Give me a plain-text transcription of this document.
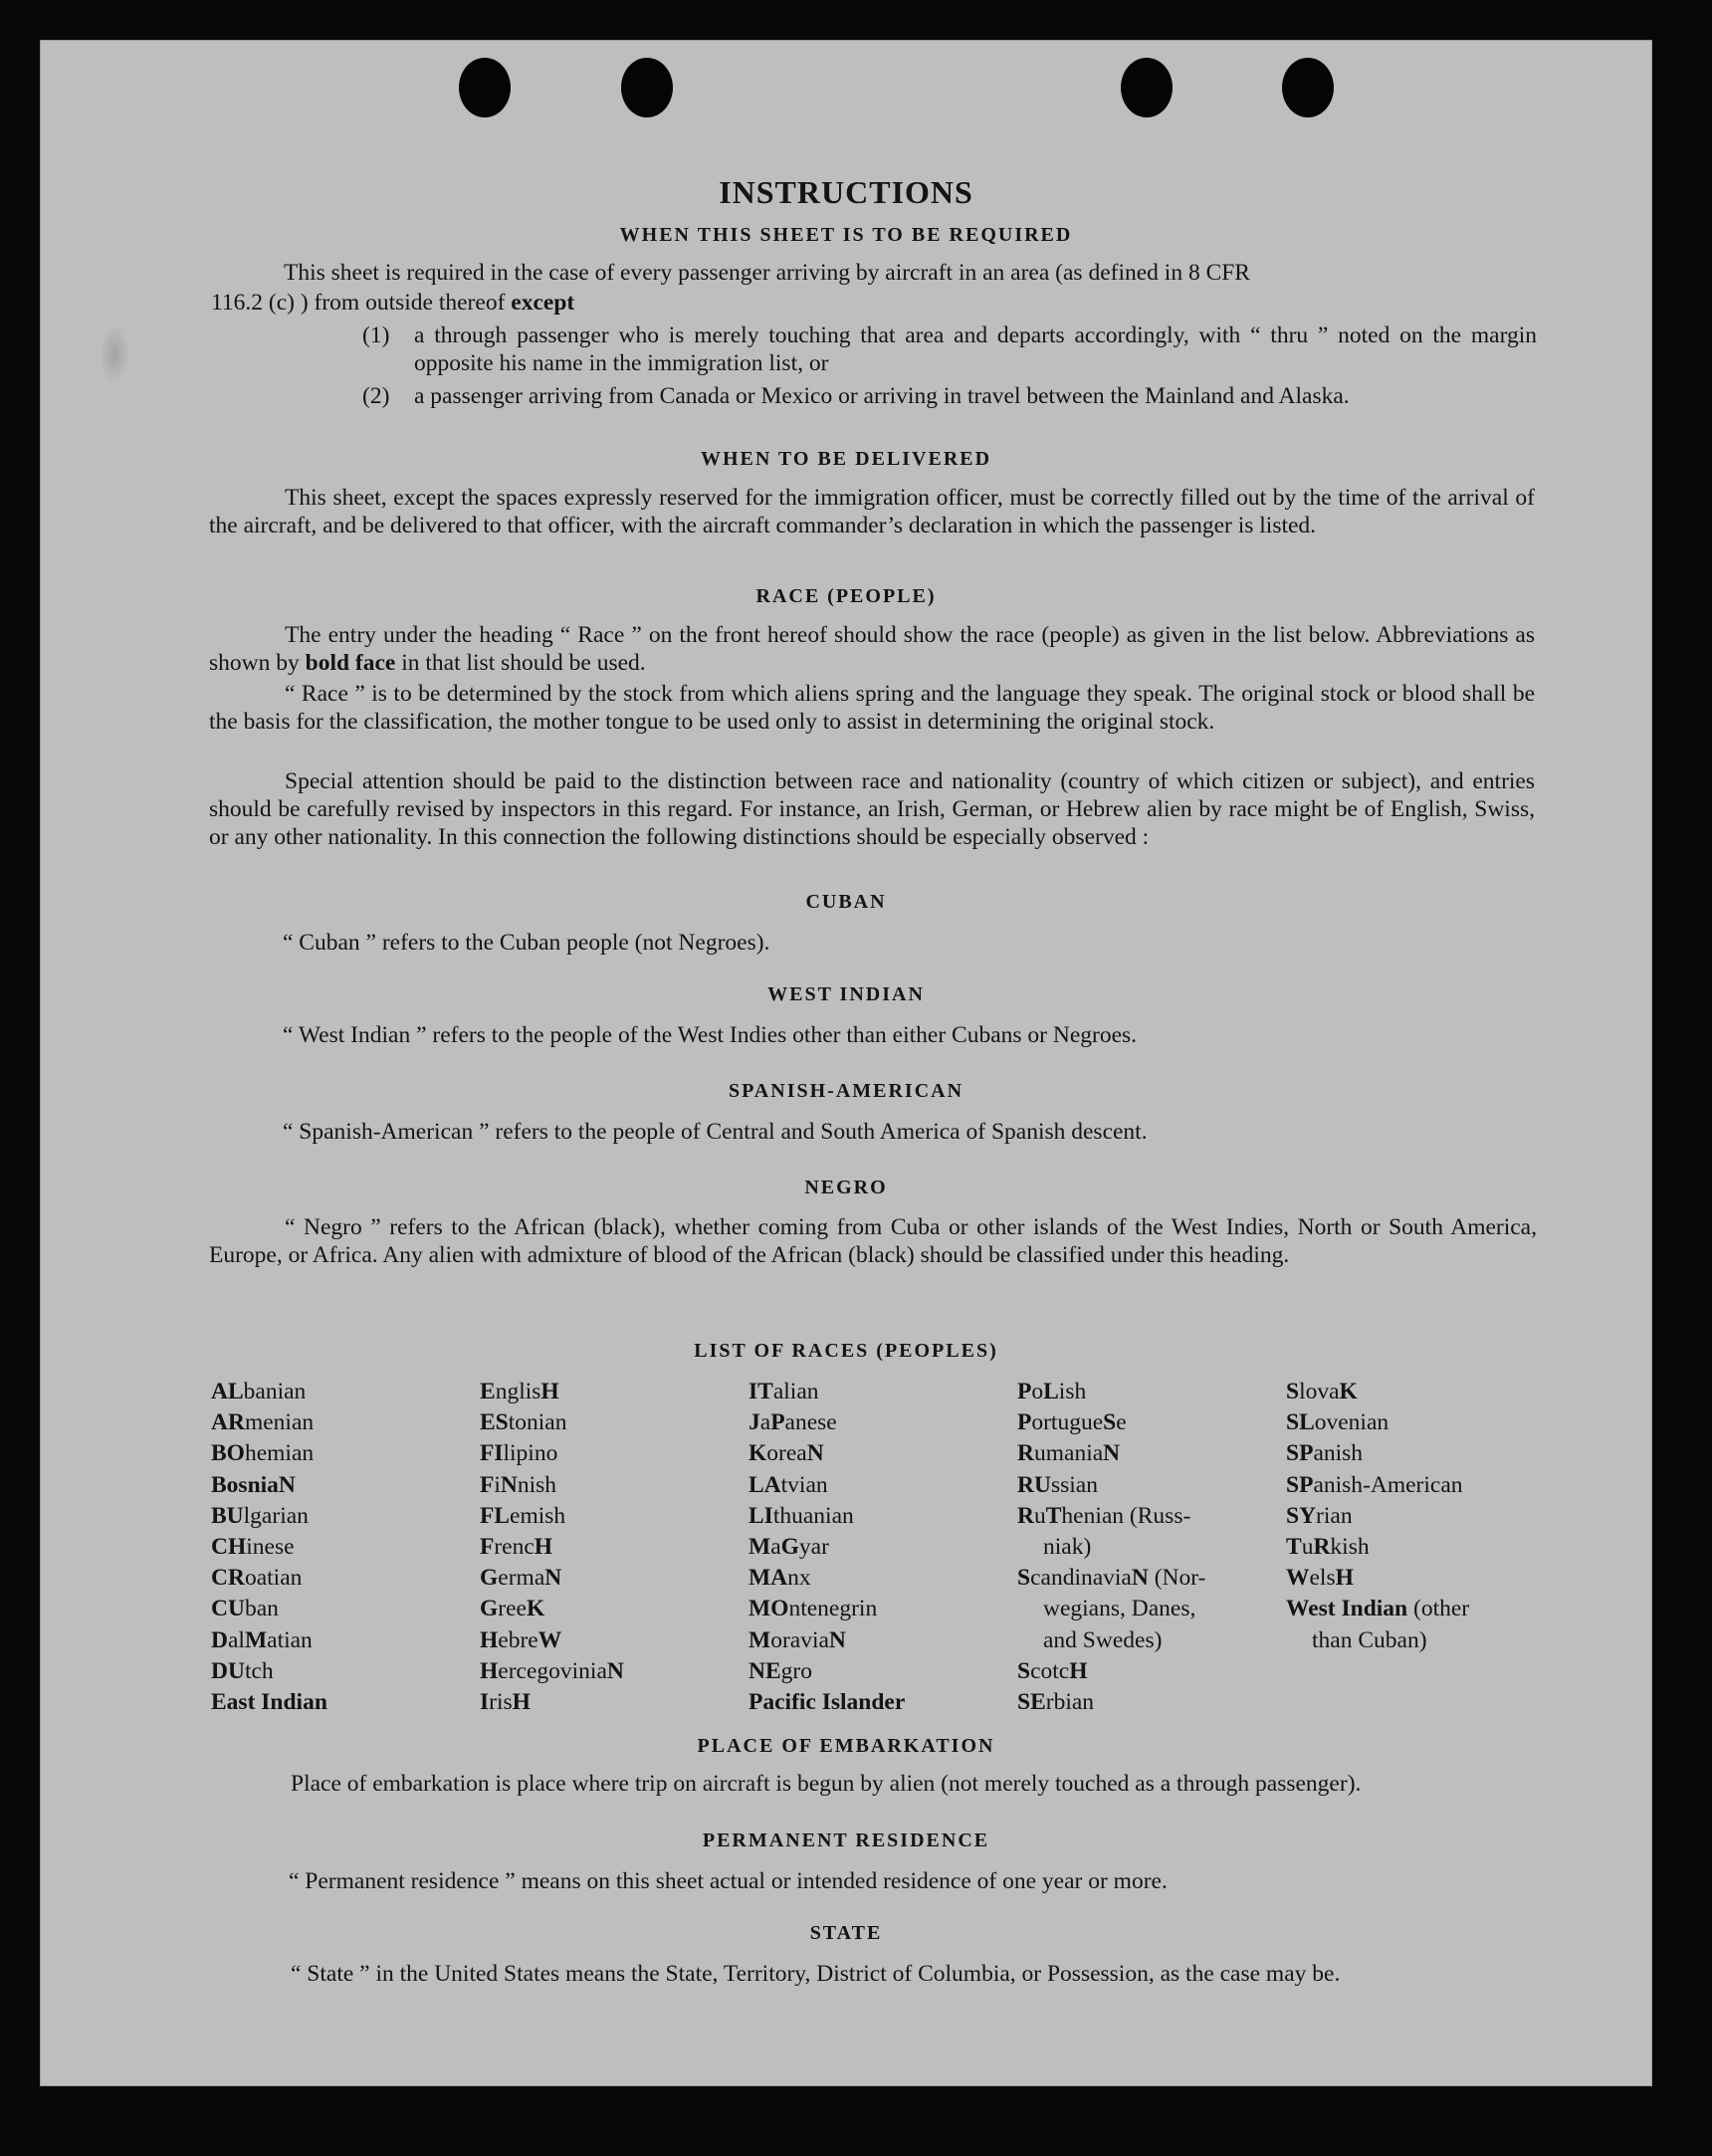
INSTRUCTIONS
WHEN THIS SHEET IS TO BE REQUIRED
This sheet is required in the case of every passenger arriving by aircraft in an area (as defined in 8 CFR
116.2 (c) ) from outside thereof except
(1) a through passenger who is merely touching that area and departs accordingly, with “ thru ” noted on the margin opposite his name in the immigration list, or
(2) a passenger arriving from Canada or Mexico or arriving in travel between the Mainland and Alaska.
WHEN TO BE DELIVERED
This sheet, except the spaces expressly reserved for the immigration officer, must be correctly filled out by the time of the arrival of the aircraft, and be delivered to that officer, with the aircraft commander’s declaration in which the passenger is listed.
RACE (PEOPLE)
The entry under the heading “ Race ” on the front hereof should show the race (people) as given in the list below. Abbreviations as shown by bold face in that list should be used.
“ Race ” is to be determined by the stock from which aliens spring and the language they speak. The original stock or blood shall be the basis for the classification, the mother tongue to be used only to assist in determining the original stock.
Special attention should be paid to the distinction between race and nationality (country of which citizen or subject), and entries should be carefully revised by inspectors in this regard. For instance, an Irish, German, or Hebrew alien by race might be of English, Swiss, or any other nationality. In this connection the following distinctions should be especially observed :
CUBAN
“ Cuban ” refers to the Cuban people (not Negroes).
WEST INDIAN
“ West Indian ” refers to the people of the West Indies other than either Cubans or Negroes.
SPANISH-AMERICAN
“ Spanish-American ” refers to the people of Central and South America of Spanish descent.
NEGRO
“ Negro ” refers to the African (black), whether coming from Cuba or other islands of the West Indies, North or South America, Europe, or Africa. Any alien with admixture of blood of the African (black) should be classified under this heading.
LIST OF RACES (PEOPLES)
ALbanian
ARmenian
BOhemian
BosniaN
BUlgarian
CHinese
CRoatian
CUban
DalMatian
DUtch
East Indian
EnglisH
EStonian
FIlipino
FiNnish
FLemish
FrencH
GermaN
GreeK
HebreW
HercegoviniaN
IrisH
ITalian
JaPanese
KoreaN
LAtvian
LIthuanian
MaGyar
MAnx
MOntenegrin
MoraviaN
NEgro
Pacific Islander
PoLish
PortugueSe
RumaniaN
RUssian
RuThenian (Russ-
niak)
ScandinaviaN (Nor-
wegians, Danes,
and Swedes)
ScotcH
SErbian
SlovaK
SLovenian
SPanish
SPanish-American
SYrian
TuRkish
WelsH
West Indian (other
than Cuban)
PLACE OF EMBARKATION
Place of embarkation is place where trip on aircraft is begun by alien (not merely touched as a through passenger).
PERMANENT RESIDENCE
“ Permanent residence ” means on this sheet actual or intended residence of one year or more.
STATE
“ State ” in the United States means the State, Territory, District of Columbia, or Possession, as the case may be.
